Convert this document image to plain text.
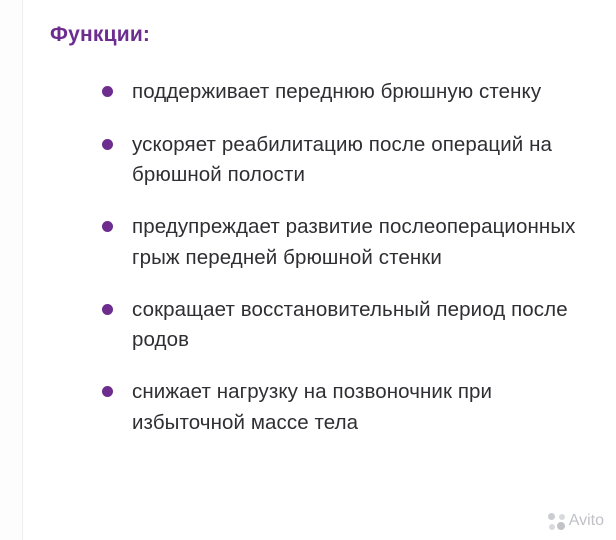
Функции:
поддерживает переднюю брюшную стенку
ускоряет реабилитацию после операций на брюшной полости
предупреждает развитие послеоперационных грыж передней брюшной стенки
сокращает восстановительный период после родов
снижает нагрузку на позвоночник при избыточной массе тела
Avito
